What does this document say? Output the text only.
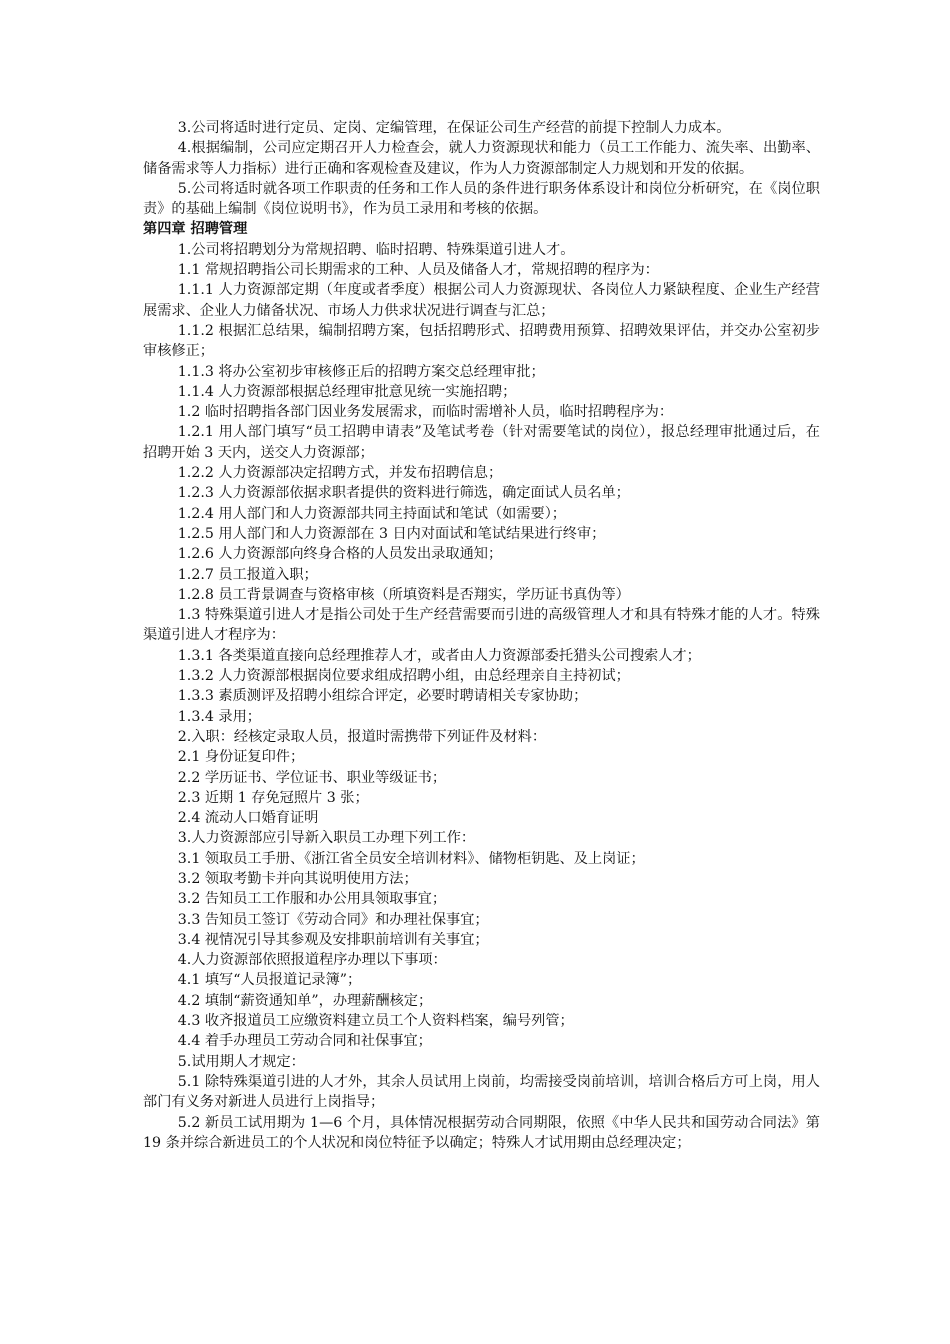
3.公司将适时进行定员、定岗、定编管理，在保证公司生产经营的前提下控制人力成本。

4.根据编制，公司应定期召开人力检查会，就人力资源现状和能力（员工工作能力、流失率、出勤率、储备需求等人力指标）进行正确和客观检查及建议，作为人力资源部制定人力规划和开发的依据。

5.公司将适时就各项工作职责的任务和工作人员的条件进行职务体系设计和岗位分析研究，在《岗位职责》的基础上编制《岗位说明书》，作为员工录用和考核的依据。

第四章 招聘管理

1.公司将招聘划分为常规招聘、临时招聘、特殊渠道引进人才。

1.1 常规招聘指公司长期需求的工种、人员及储备人才，常规招聘的程序为：

1.1.1 人力资源部定期（年度或者季度）根据公司人力资源现状、各岗位人力紧缺程度、企业生产经营展需求、企业人力储备状况、市场人力供求状况进行调查与汇总；

1.1.2 根据汇总结果，编制招聘方案，包括招聘形式、招聘费用预算、招聘效果评估，并交办公室初步审核修正；

1.1.3 将办公室初步审核修正后的招聘方案交总经理审批；

1.1.4 人力资源部根据总经理审批意见统一实施招聘；

1.2 临时招聘指各部门因业务发展需求，而临时需增补人员，临时招聘程序为：

1.2.1 用人部门填写“员工招聘申请表”及笔试考卷（针对需要笔试的岗位），报总经理审批通过后，在招聘开始 3 天内，送交人力资源部；

1.2.2 人力资源部决定招聘方式，并发布招聘信息；

1.2.3 人力资源部依据求职者提供的资料进行筛选，确定面试人员名单；

1.2.4 用人部门和人力资源部共同主持面试和笔试（如需要）；

1.2.5 用人部门和人力资源部在 3 日内对面试和笔试结果进行终审；

1.2.6 人力资源部向终身合格的人员发出录取通知；

1.2.7 员工报道入职；

1.2.8 员工背景调查与资格审核（所填资料是否翔实，学历证书真伪等）

1.3 特殊渠道引进人才是指公司处于生产经营需要而引进的高级管理人才和具有特殊才能的人才。特殊渠道引进人才程序为：

1.3.1 各类渠道直接向总经理推荐人才，或者由人力资源部委托猎头公司搜索人才；

1.3.2 人力资源部根据岗位要求组成招聘小组，由总经理亲自主持初试；

1.3.3 素质测评及招聘小组综合评定，必要时聘请相关专家协助；

1.3.4 录用；

2.入职：经核定录取人员，报道时需携带下列证件及材料：

2.1 身份证复印件；

2.2 学历证书、学位证书、职业等级证书；

2.3 近期 1 存免冠照片 3 张；

2.4 流动人口婚育证明

3.人力资源部应引导新入职员工办理下列工作：

3.1 领取员工手册、《浙江省全员安全培训材料》、储物柜钥匙、及上岗证；

3.2 领取考勤卡并向其说明使用方法；

3.2 告知员工工作服和办公用具领取事宜；

3.3 告知员工签订《劳动合同》和办理社保事宜；

3.4 视情况引导其参观及安排职前培训有关事宜；

4.人力资源部依照报道程序办理以下事项：

4.1 填写“人员报道记录簿”；

4.2 填制“薪资通知单”，办理薪酬核定；

4.3 收齐报道员工应缴资料建立员工个人资料档案，编号列管；

4.4 着手办理员工劳动合同和社保事宜；

5.试用期人才规定：

5.1 除特殊渠道引进的人才外，其余人员试用上岗前，均需接受岗前培训，培训合格后方可上岗，用人部门有义务对新进人员进行上岗指导；

5.2 新员工试用期为 1—6 个月，具体情况根据劳动合同期限，依照《中华人民共和国劳动合同法》第 19 条并综合新进员工的个人状况和岗位特征予以确定；特殊人才试用期由总经理决定；
